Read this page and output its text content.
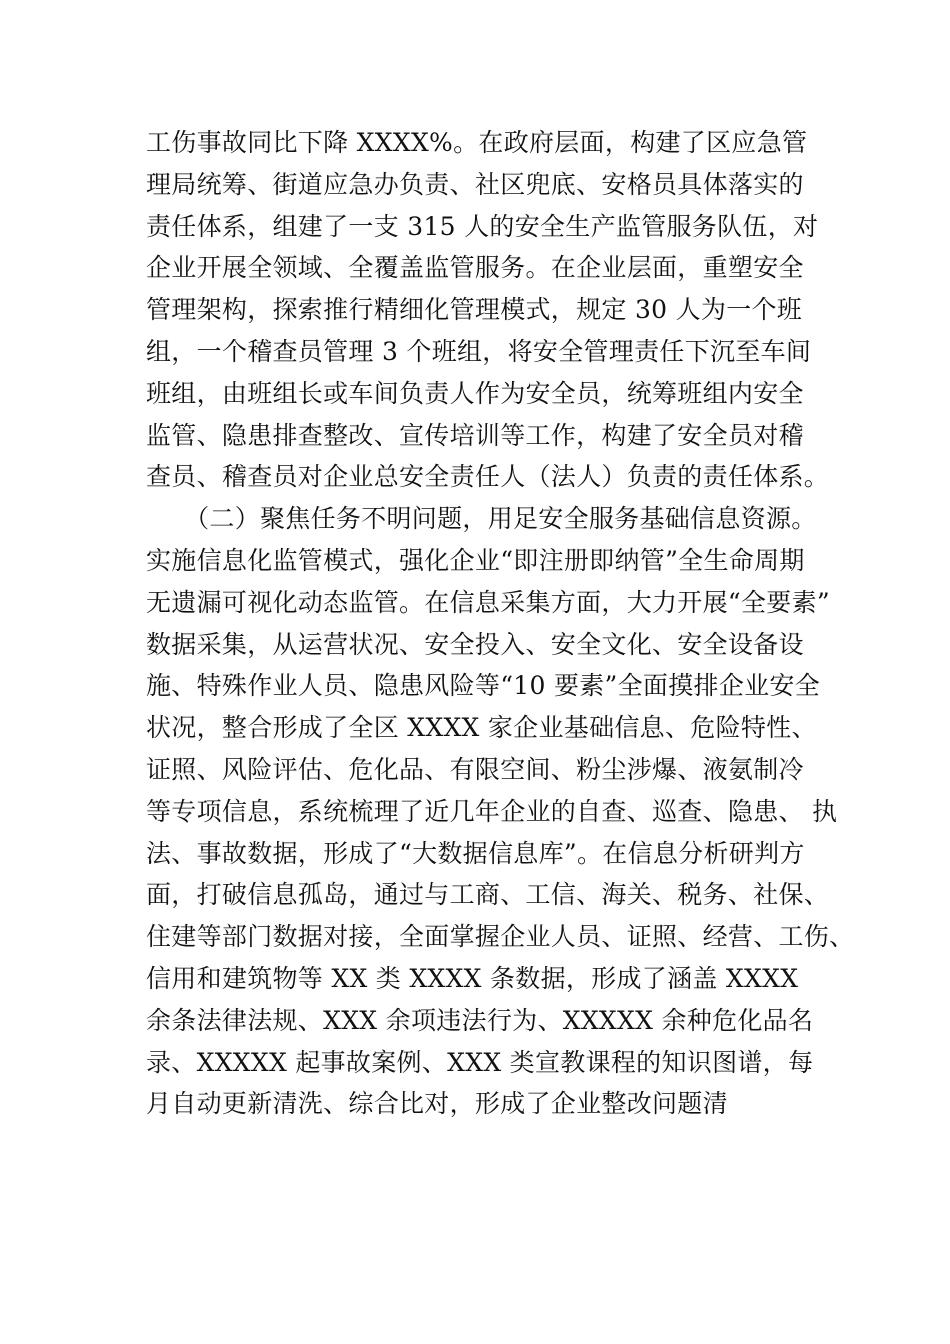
工伤事故同比下降 XXXX%。在政府层面，构建了区应急管
理局统筹、街道应急办负责、社区兜底、安格员具体落实的
责任体系，组建了一支 315 人的安全生产监管服务队伍，对
企业开展全领域、全覆盖监管服务。在企业层面，重塑安全
管理架构，探索推行精细化管理模式，规定 30 人为一个班
组，一个稽查员管理 3 个班组，将安全管理责任下沉至车间
班组，由班组长或车间负责人作为安全员，统筹班组内安全
监管、隐患排查整改、宣传培训等工作，构建了安全员对稽
查员、稽查员对企业总安全责任人（法人）负责的责任体系。
　　（二）聚焦任务不明问题，用足安全服务基础信息资源。
实施信息化监管模式，强化企业“即注册即纳管”全生命周期
无遗漏可视化动态监管。在信息采集方面，大力开展“全要素”
数据采集，从运营状况、安全投入、安全文化、安全设备设
施、特殊作业人员、隐患风险等“10 要素”全面摸排企业安全
状况，整合形成了全区 XXXX 家企业基础信息、危险特性、
证照、风险评估、危化品、有限空间、粉尘涉爆、液氨制冷
等专项信息，系统梳理了近几年企业的自查、巡查、隐患、 执
法、事故数据，形成了“大数据信息库”。在信息分析研判方
面，打破信息孤岛，通过与工商、工信、海关、税务、社保、
住建等部门数据对接，全面掌握企业人员、证照、经营、工伤、
信用和建筑物等 XX 类 XXXX 条数据，形成了涵盖 XXXX
余条法律法规、XXX 余项违法行为、XXXXX 余种危化品名
录、XXXXX 起事故案例、XXX 类宣教课程的知识图谱，每
月自动更新清洗、综合比对，形成了企业整改问题清
